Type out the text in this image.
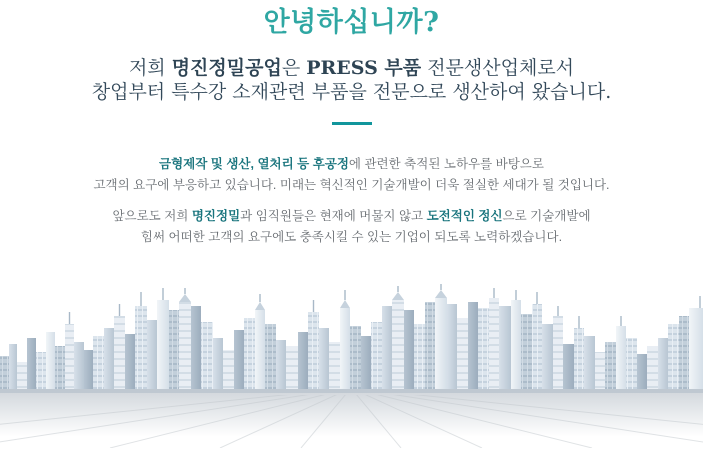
안녕하십니까?

저희 명진정밀공업은 PRESS 부품 전문생산업체로서
창업부터 특수강 소재관련 부품을 전문으로 생산하여 왔습니다.

금형제작 및 생산, 열처리 등 후공정에 관련한 축적된 노하우를 바탕으로
고객의 요구에 부응하고 있습니다. 미래는 혁신적인 기술개발이 더욱 절실한 세대가 될 것입니다.

앞으로도 저희 명진정밀과 임직원들은 현재에 머물지 않고 도전적인 정신으로 기술개발에
힘써 어떠한 고객의 요구에도 충족시킬 수 있는 기업이 되도록 노력하겠습니다.
